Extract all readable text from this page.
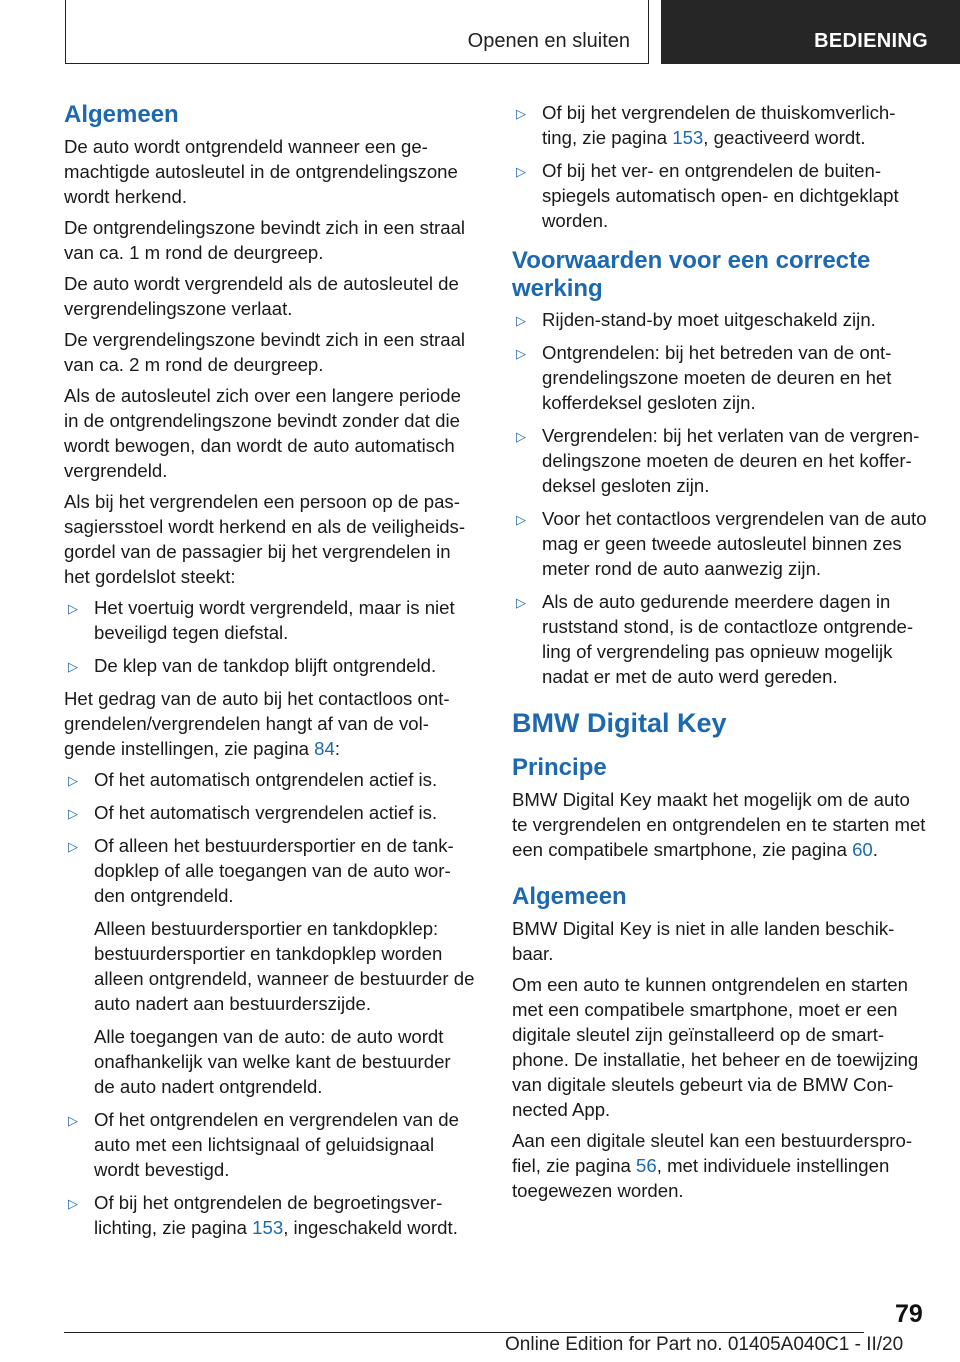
Openen en sluiten	BEDIENING
Algemeen

De auto wordt ontgrendeld wanneer een ge-machtigde autosleutel in de ontgrendelingszone wordt herkend.

De ontgrendelingszone bevindt zich in een straal van ca. 1 m rond de deurgreep.

De auto wordt vergrendeld als de autosleutel de vergrendelingszone verlaat.

De vergrendelingszone bevindt zich in een straal van ca. 2 m rond de deurgreep.

Als de autosleutel zich over een langere periode in de ontgrendelingszone bevindt zonder dat die wordt bewogen, dan wordt de auto automatisch vergrendeld.

Als bij het vergrendelen een persoon op de pas-sagiersstoel wordt herkend en als de veiligheids-gordel van de passagier bij het vergrendelen in het gordelslot steekt:

▷ Het voertuig wordt vergrendeld, maar is niet beveiligd tegen diefstal.
▷ De klep van de tankdop blijft ontgrendeld.

Het gedrag van de auto bij het contactloos ont-grendelen/vergrendelen hangt af van de vol-gende instellingen, zie pagina 84:

▷ Of het automatisch ontgrendelen actief is.
▷ Of het automatisch vergrendelen actief is.
▷ Of alleen het bestuurdersportier en de tank-dopklep of alle toegangen van de auto wor-den ontgrendeld.
Alleen bestuurdersportier en tankdopklep: bestuurdersportier en tankdopklep worden alleen ontgrendeld, wanneer de bestuurder de auto nadert aan bestuurderszijde.
Alle toegangen van de auto: de auto wordt onafhankelijk van welke kant de bestuurder de auto nadert ontgrendeld.
▷ Of het ontgrendelen en vergrendelen van de auto met een lichtsignaal of geluidsignaal wordt bevestigd.
▷ Of bij het ontgrendelen de begroetingsver-lichting, zie pagina 153, ingeschakeld wordt.
▷ Of bij het vergrendelen de thuiskomverlich-ting, zie pagina 153, geactiveerd wordt.
▷ Of bij het ver- en ontgrendelen de buiten-spiegels automatisch open- en dichtgeklapt worden.
Voorwaarden voor een correcte werking
▷ Rijden-stand-by moet uitgeschakeld zijn.
▷ Ontgrendelen: bij het betreden van de ont-grendelingszone moeten de deuren en het kofferdeksel gesloten zijn.
▷ Vergrendelen: bij het verlaten van de vergren-delingszone moeten de deuren en het koffer-deksel gesloten zijn.
▷ Voor het contactloos vergrendelen van de auto mag er geen tweede autosleutel binnen zes meter rond de auto aanwezig zijn.
▷ Als de auto gedurende meerdere dagen in ruststand stond, is de contactloze ontgrende-ling of vergrendeling pas opnieuw mogelijk nadat er met de auto werd gereden.
BMW Digital Key
Principe

BMW Digital Key maakt het mogelijk om de auto te vergrendelen en ontgrendelen en te starten met een compatibele smartphone, zie pagina 60.

Algemeen

BMW Digital Key is niet in alle landen beschik-baar.

Om een auto te kunnen ontgrendelen en starten met een compatibele smartphone, moet er een digitale sleutel zijn geïnstalleerd op de smart-phone. De installatie, het beheer en de toewijzing van digitale sleutels gebeurt via de BMW Con-nected App.

Aan een digitale sleutel kan een bestuurderspro-fiel, zie pagina 56, met individuele instellingen toegewezen worden.

79
Online Edition for Part no. 01405A040C1 - II/20
